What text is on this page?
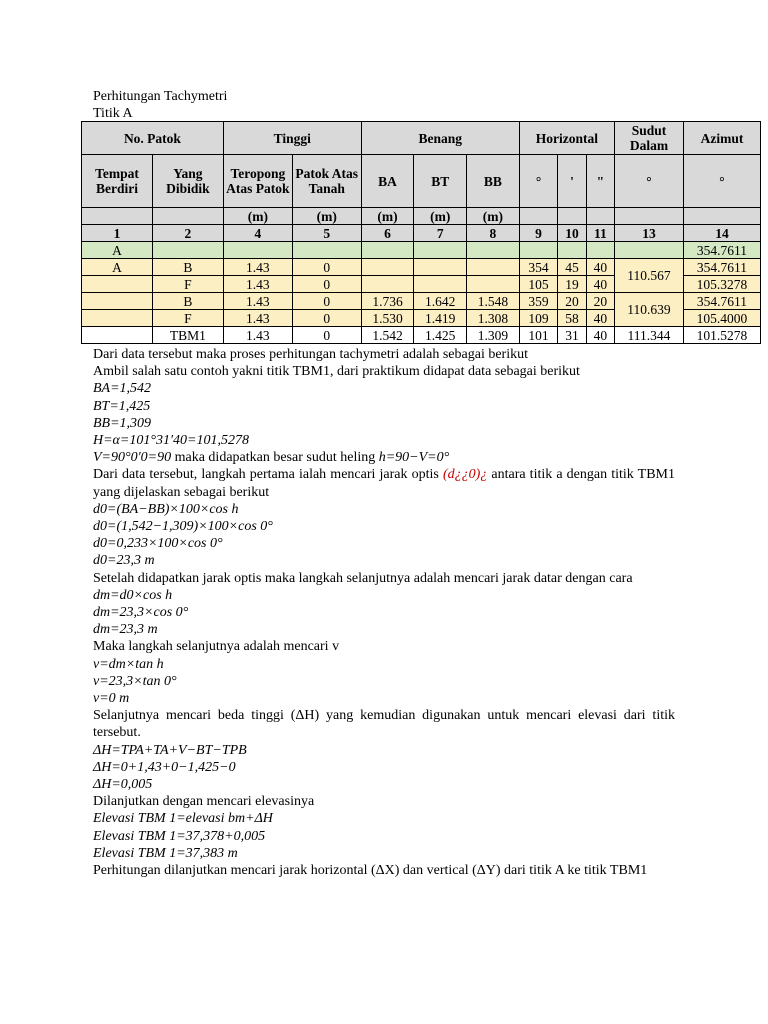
Perhitungan Tachymetri

Titik A

No. Patok		Tinggi		Benang			Horizontal			Sudut Dalam	Azimut
Tempat Berdiri	Yang Dibidik	Teropong Atas Patok	Patok Atas Tanah	BA	BT	BB	°	'	"	°	°
		(m)	(m)	(m)	(m)	(m)					
1	2	4	5	6	7	8	9	10	11	13	14
A											354.7611
A	B	1.43	0				354	45	40	110.567	354.7611
	F	1.43	0				105	19	40		105.3278
	B	1.43	0	1.736	1.642	1.548	359	20	20	110.639	354.7611
	F	1.43	0	1.530	1.419	1.308	109	58	40		105.4000
	TBM1	1.43	0	1.542	1.425	1.309	101	31	40	111.344	101.5278

Dari data tersebut maka proses perhitungan tachymetri adalah sebagai berikut

Ambil salah satu contoh yakni titik TBM1, dari praktikum didapat data sebagai berikut

BA=1,542

BT=1,425

BB=1,309

H=α=101°31′40=101,5278

V=90°0′0=90 maka didapatkan besar sudut heling h=90−V=0°

Dari data tersebut, langkah pertama ialah mencari jarak optis (d¿¿0)¿ antara titik a dengan titik TBM1 yang dijelaskan sebagai berikut

d0=(BA−BB)×100×cos h

d0=(1,542−1,309)×100×cos 0°

d0=0,233×100×cos 0°

d0=23,3 m

Setelah didapatkan jarak optis maka langkah selanjutnya adalah mencari jarak datar dengan cara

dm=d0×cos h

dm=23,3×cos 0°

dm=23,3 m

Maka langkah selanjutnya adalah mencari v

v=dm×tan h

v=23,3×tan 0°

v=0 m

Selanjutnya mencari beda tinggi (ΔH) yang kemudian digunakan untuk mencari elevasi dari titik tersebut.

ΔH=TPA+TA+V−BT−TPB

ΔH=0+1,43+0−1,425−0

ΔH=0,005

Dilanjutkan dengan mencari elevasinya

Elevasi TBM 1=elevasi bm+ΔH

Elevasi TBM 1=37,378+0,005

Elevasi TBM 1=37,383 m

Perhitungan dilanjutkan mencari jarak horizontal (ΔX) dan vertical (ΔY) dari titik A ke titik TBM1
